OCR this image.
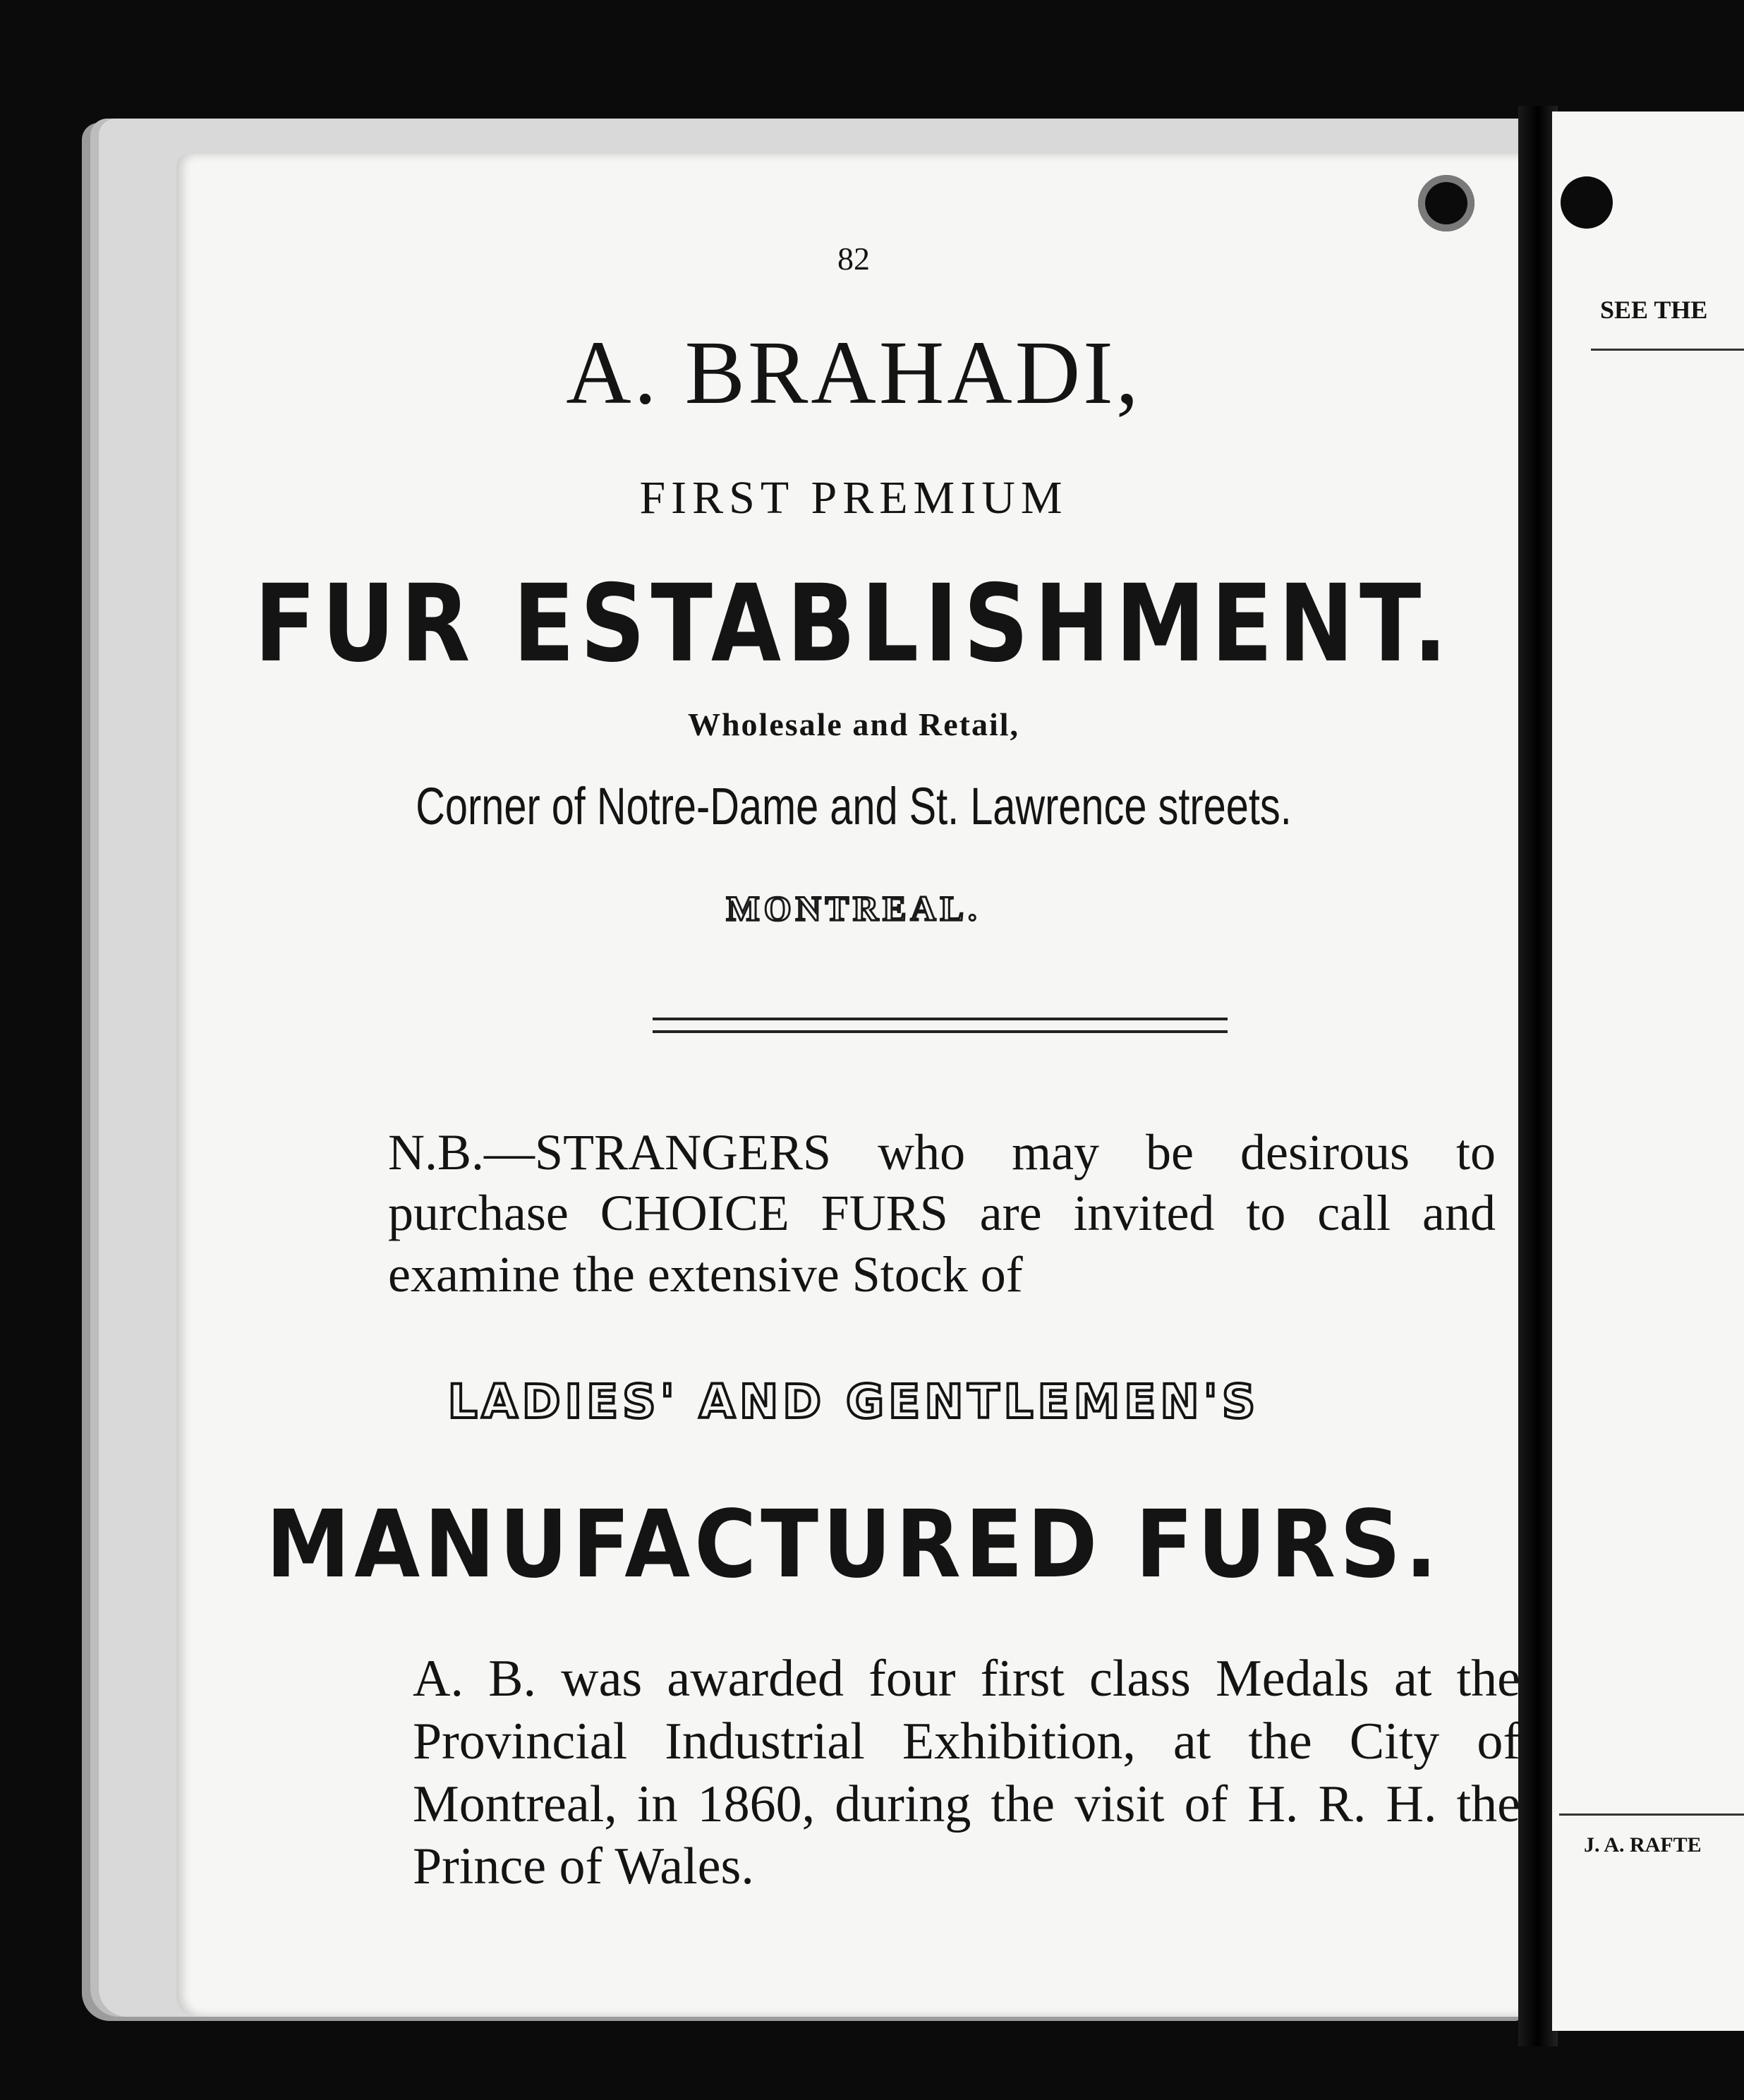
82
A. BRAHADI,
FIRST PREMIUM
FUR ESTABLISHMENT.
Wholesale and Retail,
Corner of Notre-Dame and St. Lawrence streets.
MONTREAL.
N.B.—STRANGERS who may be desirous to purchase CHOICE FURS are invited to call and examine the extensive Stock of
LADIES' AND GENTLEMEN'S
MANUFACTURED FURS.
A. B. was awarded four first class Medals at the Provincial Industrial Exhibition, at the City of Montreal, in 1860, during the visit of H. R. H. the Prince of Wales.
SEE THE
J. A. RAFTE
